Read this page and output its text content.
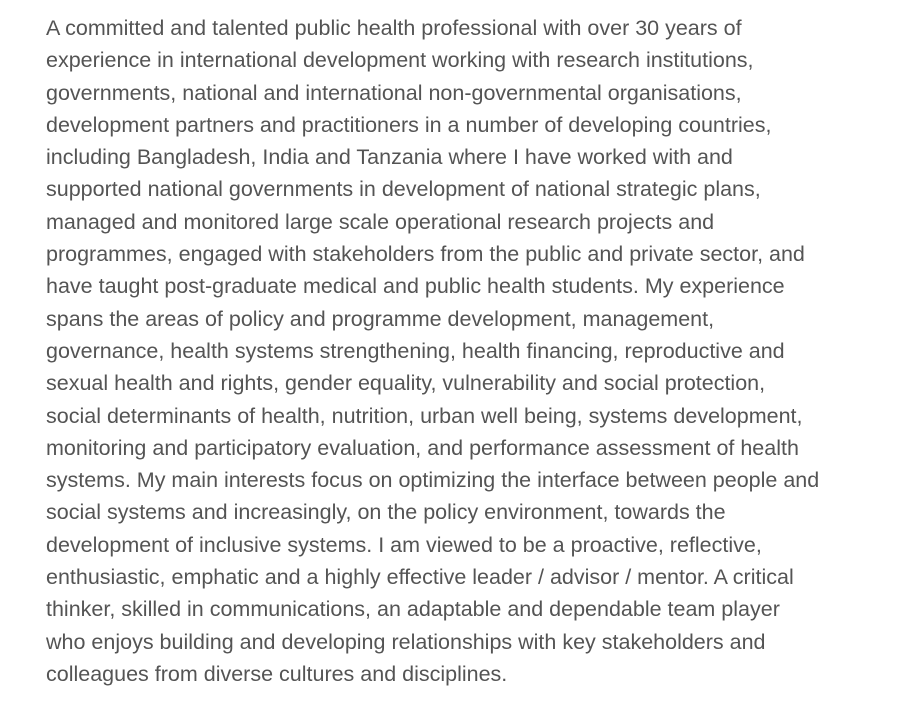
A committed and talented public health professional with over 30 years of
experience in international development working with research institutions,
governments, national and international non-governmental organisations,
development partners and practitioners in a number of developing countries,
including Bangladesh, India and Tanzania where I have worked with and
supported national governments in development of national strategic plans,
managed and monitored large scale operational research projects and
programmes, engaged with stakeholders from the public and private sector, and
have taught post-graduate medical and public health students. My experience
spans the areas of policy and programme development, management,
governance, health systems strengthening, health financing, reproductive and
sexual health and rights, gender equality, vulnerability and social protection,
social determinants of health, nutrition, urban well being, systems development,
monitoring and participatory evaluation, and performance assessment of health
systems. My main interests focus on optimizing the interface between people and
social systems and increasingly, on the policy environment, towards the
development of inclusive systems. I am viewed to be a proactive, reflective,
enthusiastic, emphatic and a highly effective leader / advisor / mentor. A critical
thinker, skilled in communications, an adaptable and dependable team player
who enjoys building and developing relationships with key stakeholders and
colleagues from diverse cultures and disciplines.
